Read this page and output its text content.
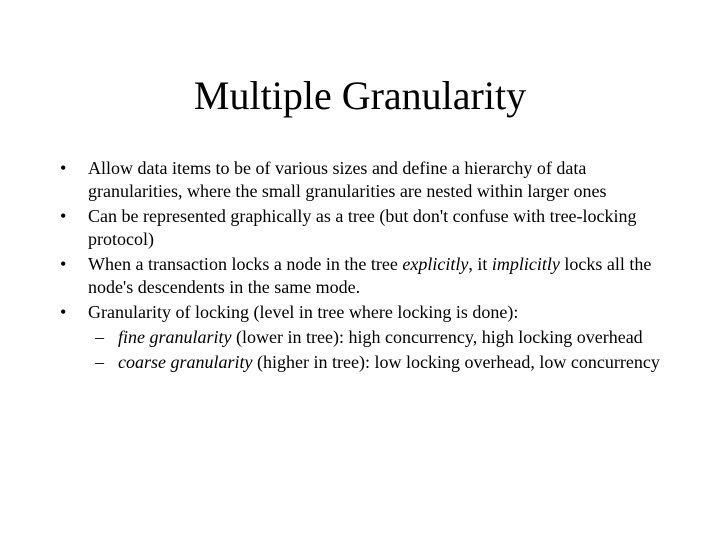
Multiple Granularity
• Allow data items to be of various sizes and define a hierarchy of data granularities, where the small granularities are nested within larger ones
• Can be represented graphically as a tree (but don't confuse with tree-locking protocol)
• When a transaction locks a node in the tree explicitly, it implicitly locks all the node's descendents in the same mode.
• Granularity of locking (level in tree where locking is done):
– fine granularity (lower in tree): high concurrency, high locking overhead
– coarse granularity (higher in tree): low locking overhead, low concurrency
